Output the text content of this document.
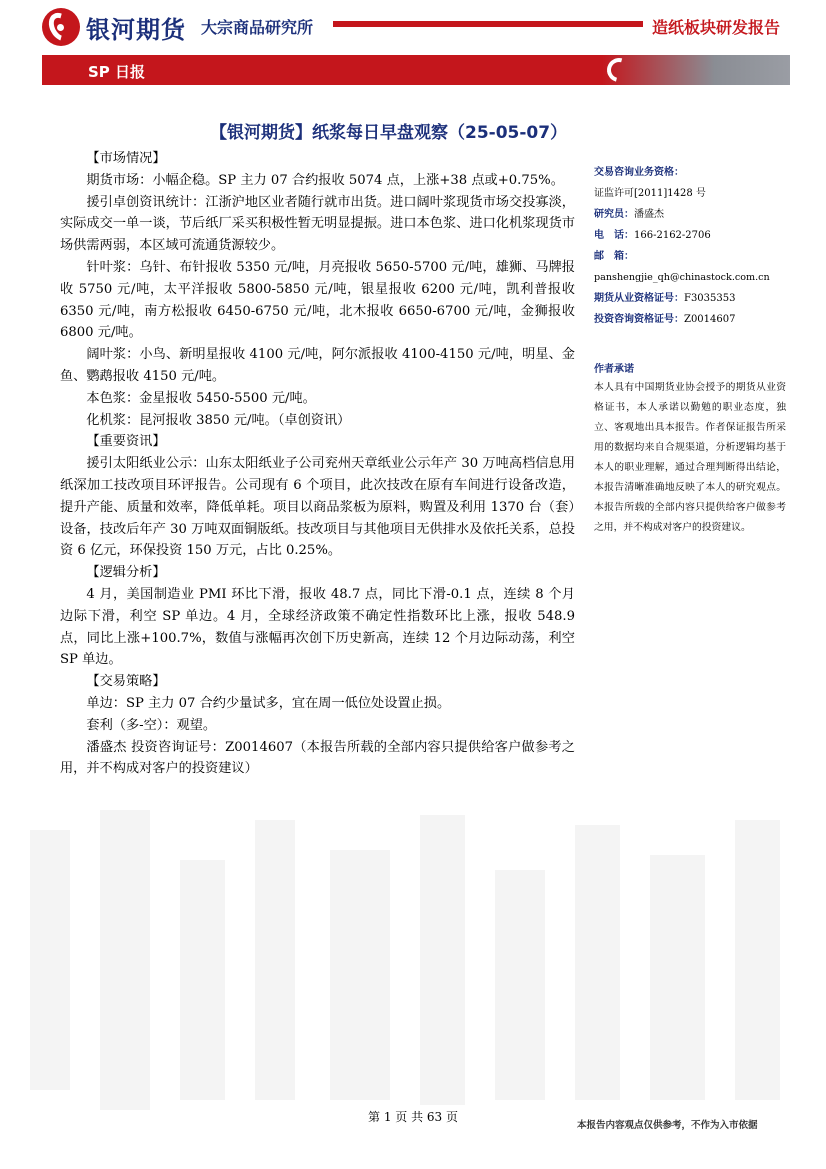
银河期货 大宗商品研究所	造纸板块研发报告
SP 日报
【银河期货】纸浆每日早盘观察（25-05-07）

【市场情况】

期货市场：小幅企稳。SP 主力 07 合约报收 5074 点，上涨+38 点或+0.75%。

援引卓创资讯统计：江浙沪地区业者随行就市出货。进口阔叶浆现货市场交投寡淡，实际成交一单一谈，节后纸厂采买积极性暂无明显提振。进口本色浆、进口化机浆现货市场供需两弱，本区域可流通货源较少。

针叶浆：乌针、布针报收 5350 元/吨，月亮报收 5650-5700 元/吨，雄狮、马牌报收 5750 元/吨，太平洋报收 5800-5850 元/吨，银星报收 6200 元/吨，凯利普报收 6350 元/吨，南方松报收 6450-6750 元/吨，北木报收 6650-6700 元/吨，金狮报收 6800 元/吨。

阔叶浆：小鸟、新明星报收 4100 元/吨，阿尔派报收 4100-4150 元/吨，明星、金鱼、鹦鹉报收 4150 元/吨。

本色浆：金星报收 5450-5500 元/吨。

化机浆：昆河报收 3850 元/吨。（卓创资讯）

【重要资讯】

援引太阳纸业公示：山东太阳纸业子公司兖州天章纸业公示年产 30 万吨高档信息用纸深加工技改项目环评报告。公司现有 6 个项目，此次技改在原有车间进行设备改造，提升产能、质量和效率，降低单耗。项目以商品浆板为原料，购置及利用 1370 台（套）设备，技改后年产 30 万吨双面铜版纸。技改项目与其他项目无供排水及依托关系，总投资 6 亿元，环保投资 150 万元，占比 0.25%。

【逻辑分析】

4 月，美国制造业 PMI 环比下滑，报收 48.7 点，同比下滑-0.1 点，连续 8 个月边际下滑，利空 SP 单边。4 月，全球经济政策不确定性指数环比上涨，报收 548.9 点，同比上涨+100.7%，数值与涨幅再次创下历史新高，连续 12 个月边际动荡，利空 SP 单边。

【交易策略】

单边：SP 主力 07 合约少量试多，宜在周一低位处设置止损。

套利（多-空）：观望。

潘盛杰 投资咨询证号：Z0014607（本报告所载的全部内容只提供给客户做参考之用，并不构成对客户的投资建议）

交易咨询业务资格：
证监许可[2011]1428 号
研究员：潘盛杰
电　话：166-2162-2706
邮　箱：
panshengjie_qh@chinastock.com.cn
期货从业资格证号：F3035353
投资咨询资格证号：Z0014607
作者承诺
本人具有中国期货业协会授予的期货从业资格证书，本人承诺以勤勉的职业态度，独立、客观地出具本报告。作者保证报告所采用的数据均来自合规渠道，分析逻辑均基于本人的职业理解，通过合理判断得出结论，本报告清晰准确地反映了本人的研究观点。本报告所载的全部内容只提供给客户做参考之用，并不构成对客户的投资建议。
第 1 页 共 63 页
本报告内容观点仅供参考，不作为入市依据
